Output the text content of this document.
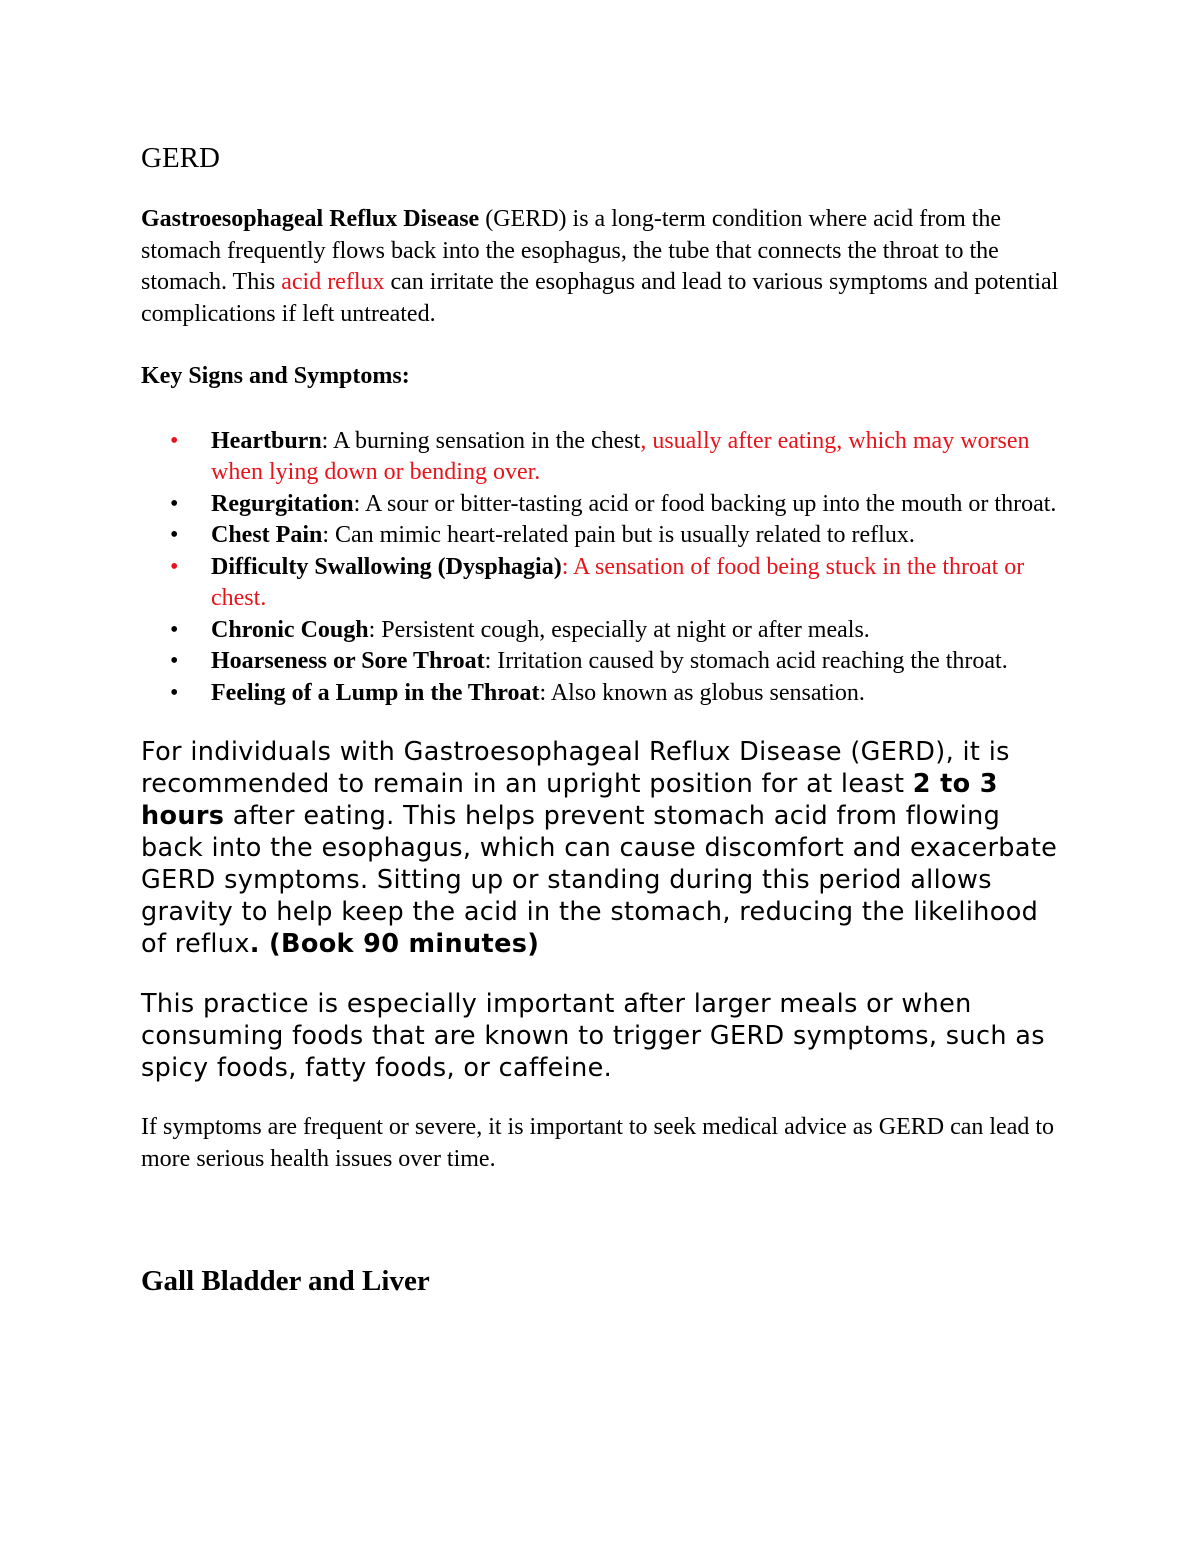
GERD

Gastroesophageal Reflux Disease (GERD) is a long-term condition where acid from the stomach frequently flows back into the esophagus, the tube that connects the throat to the stomach. This acid reflux can irritate the esophagus and lead to various symptoms and potential complications if left untreated.

Key Signs and Symptoms:

• Heartburn: A burning sensation in the chest, usually after eating, which may worsen when lying down or bending over.
• Regurgitation: A sour or bitter-tasting acid or food backing up into the mouth or throat.
• Chest Pain: Can mimic heart-related pain but is usually related to reflux.
• Difficulty Swallowing (Dysphagia): A sensation of food being stuck in the throat or chest.
• Chronic Cough: Persistent cough, especially at night or after meals.
• Hoarseness or Sore Throat: Irritation caused by stomach acid reaching the throat.
• Feeling of a Lump in the Throat: Also known as globus sensation.

For individuals with Gastroesophageal Reflux Disease (GERD), it is recommended to remain in an upright position for at least 2 to 3 hours after eating. This helps prevent stomach acid from flowing back into the esophagus, which can cause discomfort and exacerbate GERD symptoms. Sitting up or standing during this period allows gravity to help keep the acid in the stomach, reducing the likelihood of reflux. (Book 90 minutes)

This practice is especially important after larger meals or when consuming foods that are known to trigger GERD symptoms, such as spicy foods, fatty foods, or caffeine.

If symptoms are frequent or severe, it is important to seek medical advice as GERD can lead to more serious health issues over time.

Gall Bladder and Liver
